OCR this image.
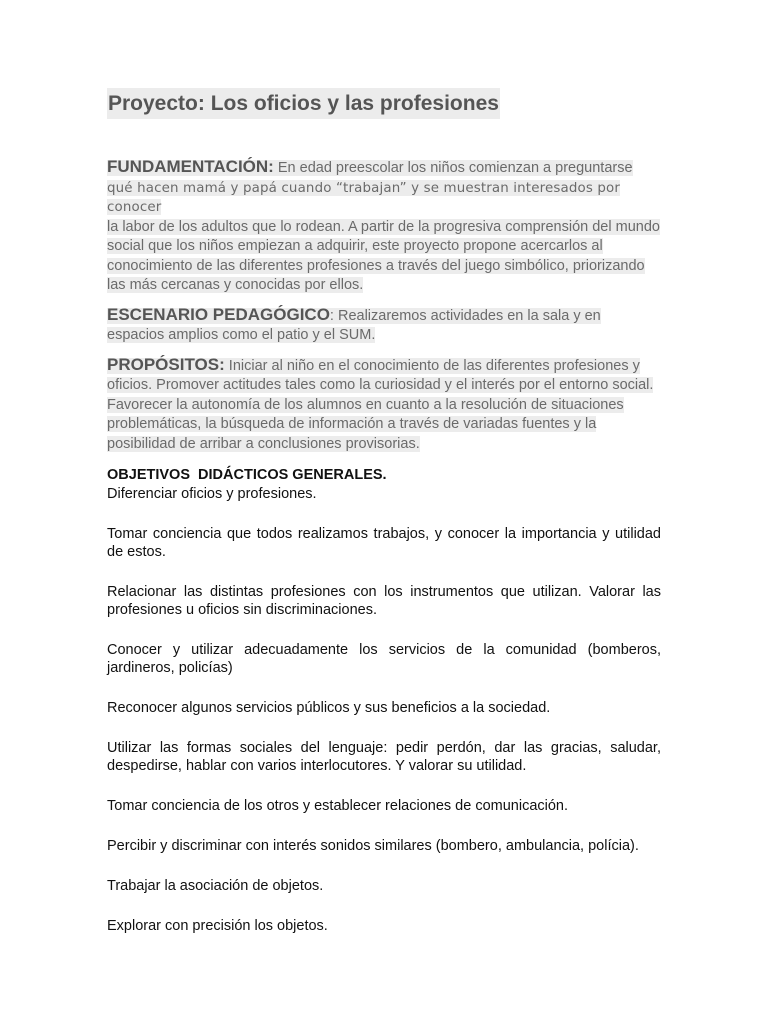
Proyecto: Los oficios y las profesiones

FUNDAMENTACIÓN: En edad preescolar los niños comienzan a preguntarse
qué hacen mamá y papá cuando “trabajan” y se muestran interesados por conocer
la labor de los adultos que lo rodean. A partir de la progresiva comprensión del mundo social que los niños empiezan a adquirir, este proyecto propone acercarlos al conocimiento de las diferentes profesiones a través del juego simbólico, priorizando las más cercanas y conocidas por ellos.

ESCENARIO PEDAGÓGICO: Realizaremos actividades en la sala y en espacios amplios como el patio y el SUM.

PROPÓSITOS: Iniciar al niño en el conocimiento de las diferentes profesiones y oficios. Promover actitudes tales como la curiosidad y el interés por el entorno social. Favorecer la autonomía de los alumnos en cuanto a la resolución de situaciones problemáticas, la búsqueda de información a través de variadas fuentes y la posibilidad de arribar a conclusiones provisorias.

OBJETIVOS  DIDÁCTICOS GENERALES.
Diferenciar oficios y profesiones.
Tomar conciencia que todos realizamos trabajos, y conocer la importancia y utilidad de estos.
Relacionar las distintas profesiones con los instrumentos que utilizan. Valorar las profesiones u oficios sin discriminaciones.
Conocer y utilizar adecuadamente los servicios de la comunidad (bomberos, jardineros, policías)
Reconocer algunos servicios públicos y sus beneficios a la sociedad.
Utilizar las formas sociales del lenguaje: pedir perdón, dar las gracias, saludar, despedirse, hablar con varios interlocutores. Y valorar su utilidad.
Tomar conciencia de los otros y establecer relaciones de comunicación.
Percibir y discriminar con interés sonidos similares (bombero, ambulancia, polícia).
Trabajar la asociación de objetos.
Explorar con precisión los objetos.
